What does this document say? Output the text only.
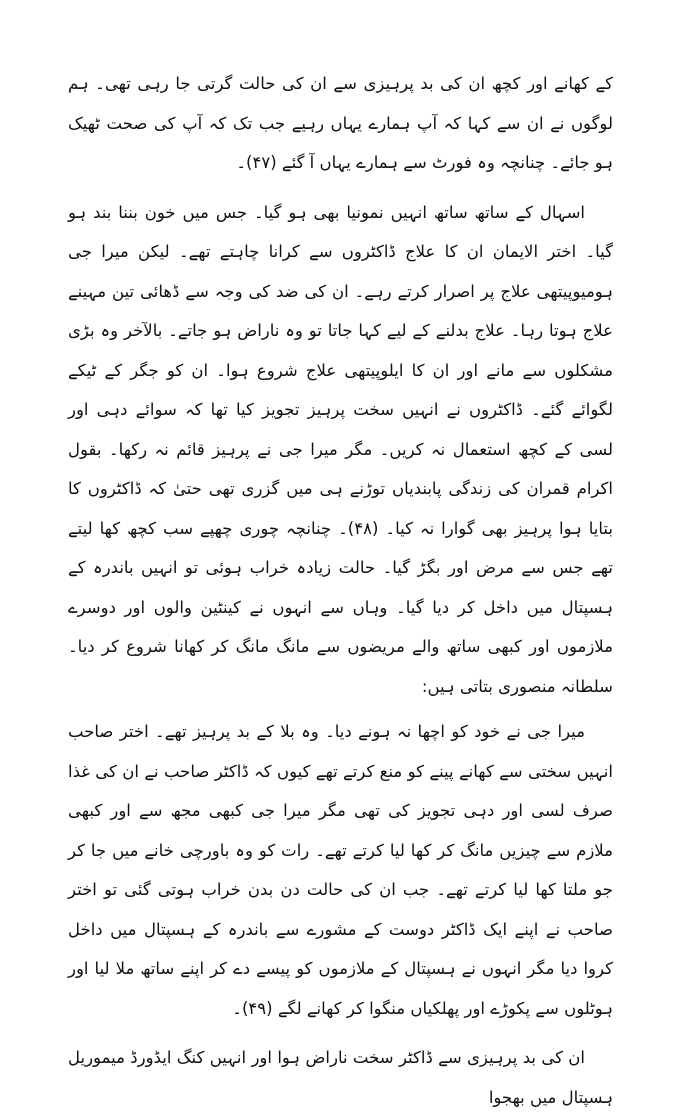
کے کھانے اور کچھ ان کی بد پرہیزی سے ان کی حالت گرتی جا رہی تھی۔ ہم لوگوں نے ان سے کہا کہ آپ ہمارے یہاں رہیے جب تک کہ آپ کی صحت ٹھیک ہو جائے۔ چنانچہ وہ فورٹ سے ہمارے یہاں آ گئے (۴۷)۔

اسہال کے ساتھ ساتھ انہیں نمونیا بھی ہو گیا۔ جس میں خون بننا بند ہو گیا۔ اختر الایمان ان کا علاج ڈاکٹروں سے کرانا چاہتے تھے۔ لیکن میرا جی ہومیوپیتھی علاج پر اصرار کرتے رہے۔ ان کی ضد کی وجہ سے ڈھائی تین مہینے علاج ہوتا رہا۔ علاج بدلنے کے لیے کہا جاتا تو وہ ناراض ہو جاتے۔ بالآخر وہ بڑی مشکلوں سے مانے اور ان کا ایلوپیتھی علاج شروع ہوا۔ ان کو جگر کے ٹیکے لگوائے گئے۔ ڈاکٹروں نے انہیں سخت پرہیز تجویز کیا تھا کہ سوائے دہی اور لسی کے کچھ استعمال نہ کریں۔ مگر میرا جی نے پرہیز قائم نہ رکھا۔ بقول اکرام قمران کی زندگی پابندیاں توڑنے ہی میں گزری تھی حتیٰ کہ ڈاکٹروں کا بتایا ہوا پرہیز بھی گوارا نہ کیا۔ (۴۸)۔ چنانچہ چوری چھپے سب کچھ کھا لیتے تھے جس سے مرض اور بگڑ گیا۔ حالت زیادہ خراب ہوئی تو انہیں باندرہ کے ہسپتال میں داخل کر دیا گیا۔ وہاں سے انہوں نے کینٹین والوں اور دوسرے ملازموں اور کبھی ساتھ والے مریضوں سے مانگ مانگ کر کھانا شروع کر دیا۔ سلطانہ منصوری بتاتی ہیں:

میرا جی نے خود کو اچھا نہ ہونے دیا۔ وہ بلا کے بد پرہیز تھے۔ اختر صاحب انہیں سختی سے کھانے پینے کو منع کرتے تھے کیوں کہ ڈاکٹر صاحب نے ان کی غذا صرف لسی اور دہی تجویز کی تھی مگر میرا جی کبھی مجھ سے اور کبھی ملازم سے چیزیں مانگ کر کھا لیا کرتے تھے۔ رات کو وہ باورچی خانے میں جا کر جو ملتا کھا لیا کرتے تھے۔ جب ان کی حالت دن بدن خراب ہوتی گئی تو اختر صاحب نے اپنے ایک ڈاکٹر دوست کے مشورے سے باندرہ کے ہسپتال میں داخل کروا دیا مگر انہوں نے ہسپتال کے ملازموں کو پیسے دے کر اپنے ساتھ ملا لیا اور ہوٹلوں سے پکوڑے اور پھلکیاں منگوا کر کھانے لگے (۴۹)۔

ان کی بد پرہیزی سے ڈاکٹر سخت ناراض ہوا اور انہیں کنگ ایڈورڈ میموریل ہسپتال میں بھجوا
